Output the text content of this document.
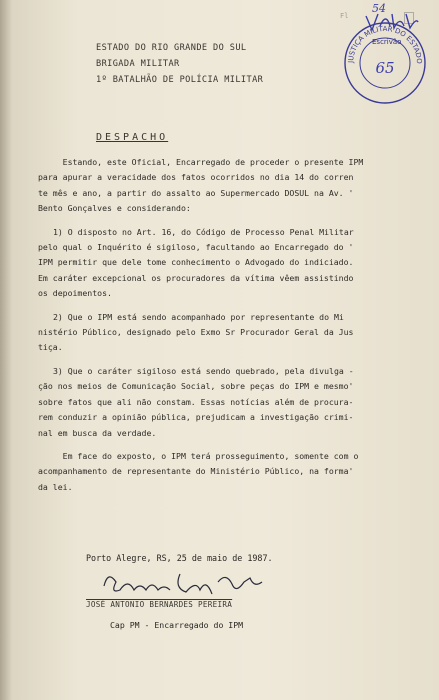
Fl
54
JUSTIÇA MILITAR DO ESTADO
65
Escrivão
ESTADO DO RIO GRANDE DO SUL
BRIGADA MILITAR
1º BATALHÃO DE POLÍCIA MILITAR
DESPACHO
Estando, este Oficial, Encarregado de proceder o presente IPM
para apurar a veracidade dos fatos ocorridos no dia 14 do corren
te mês e ano, a partir do assalto ao Supermercado DOSUL na Av. '
Bento Gonçalves e considerando:
1) O disposto no Art. 16, do Código de Processo Penal Militar
pelo qual o Inquérito é sigiloso, facultando ao Encarregado do '
IPM permitir que dele tome conhecimento o Advogado do indiciado.
Em caráter excepcional os procuradores da vítima vêem assistindo
os depoimentos.
2) Que o IPM está sendo acompanhado por representante do Mi
nistério Público, designado pelo Exmo Sr Procurador Geral da Jus
tiça.
3) Que o caráter sigiloso está sendo quebrado, pela divulga -
ção nos meios de Comunicação Social, sobre peças do IPM e mesmo'
sobre fatos que ali não constam. Essas notícias além de procura-
rem conduzir a opinião pública, prejudicam a investigação crimi-
nal em busca da verdade.
Em face do exposto, o IPM terá prosseguimento, somente com o
acompanhamento de representante do Ministério Público, na forma'
da lei.
Porto Alegre, RS, 25 de maio de 1987.
JOSÉ ANTONIO BERNARDES PEREIRA
Cap PM - Encarregado do IPM
